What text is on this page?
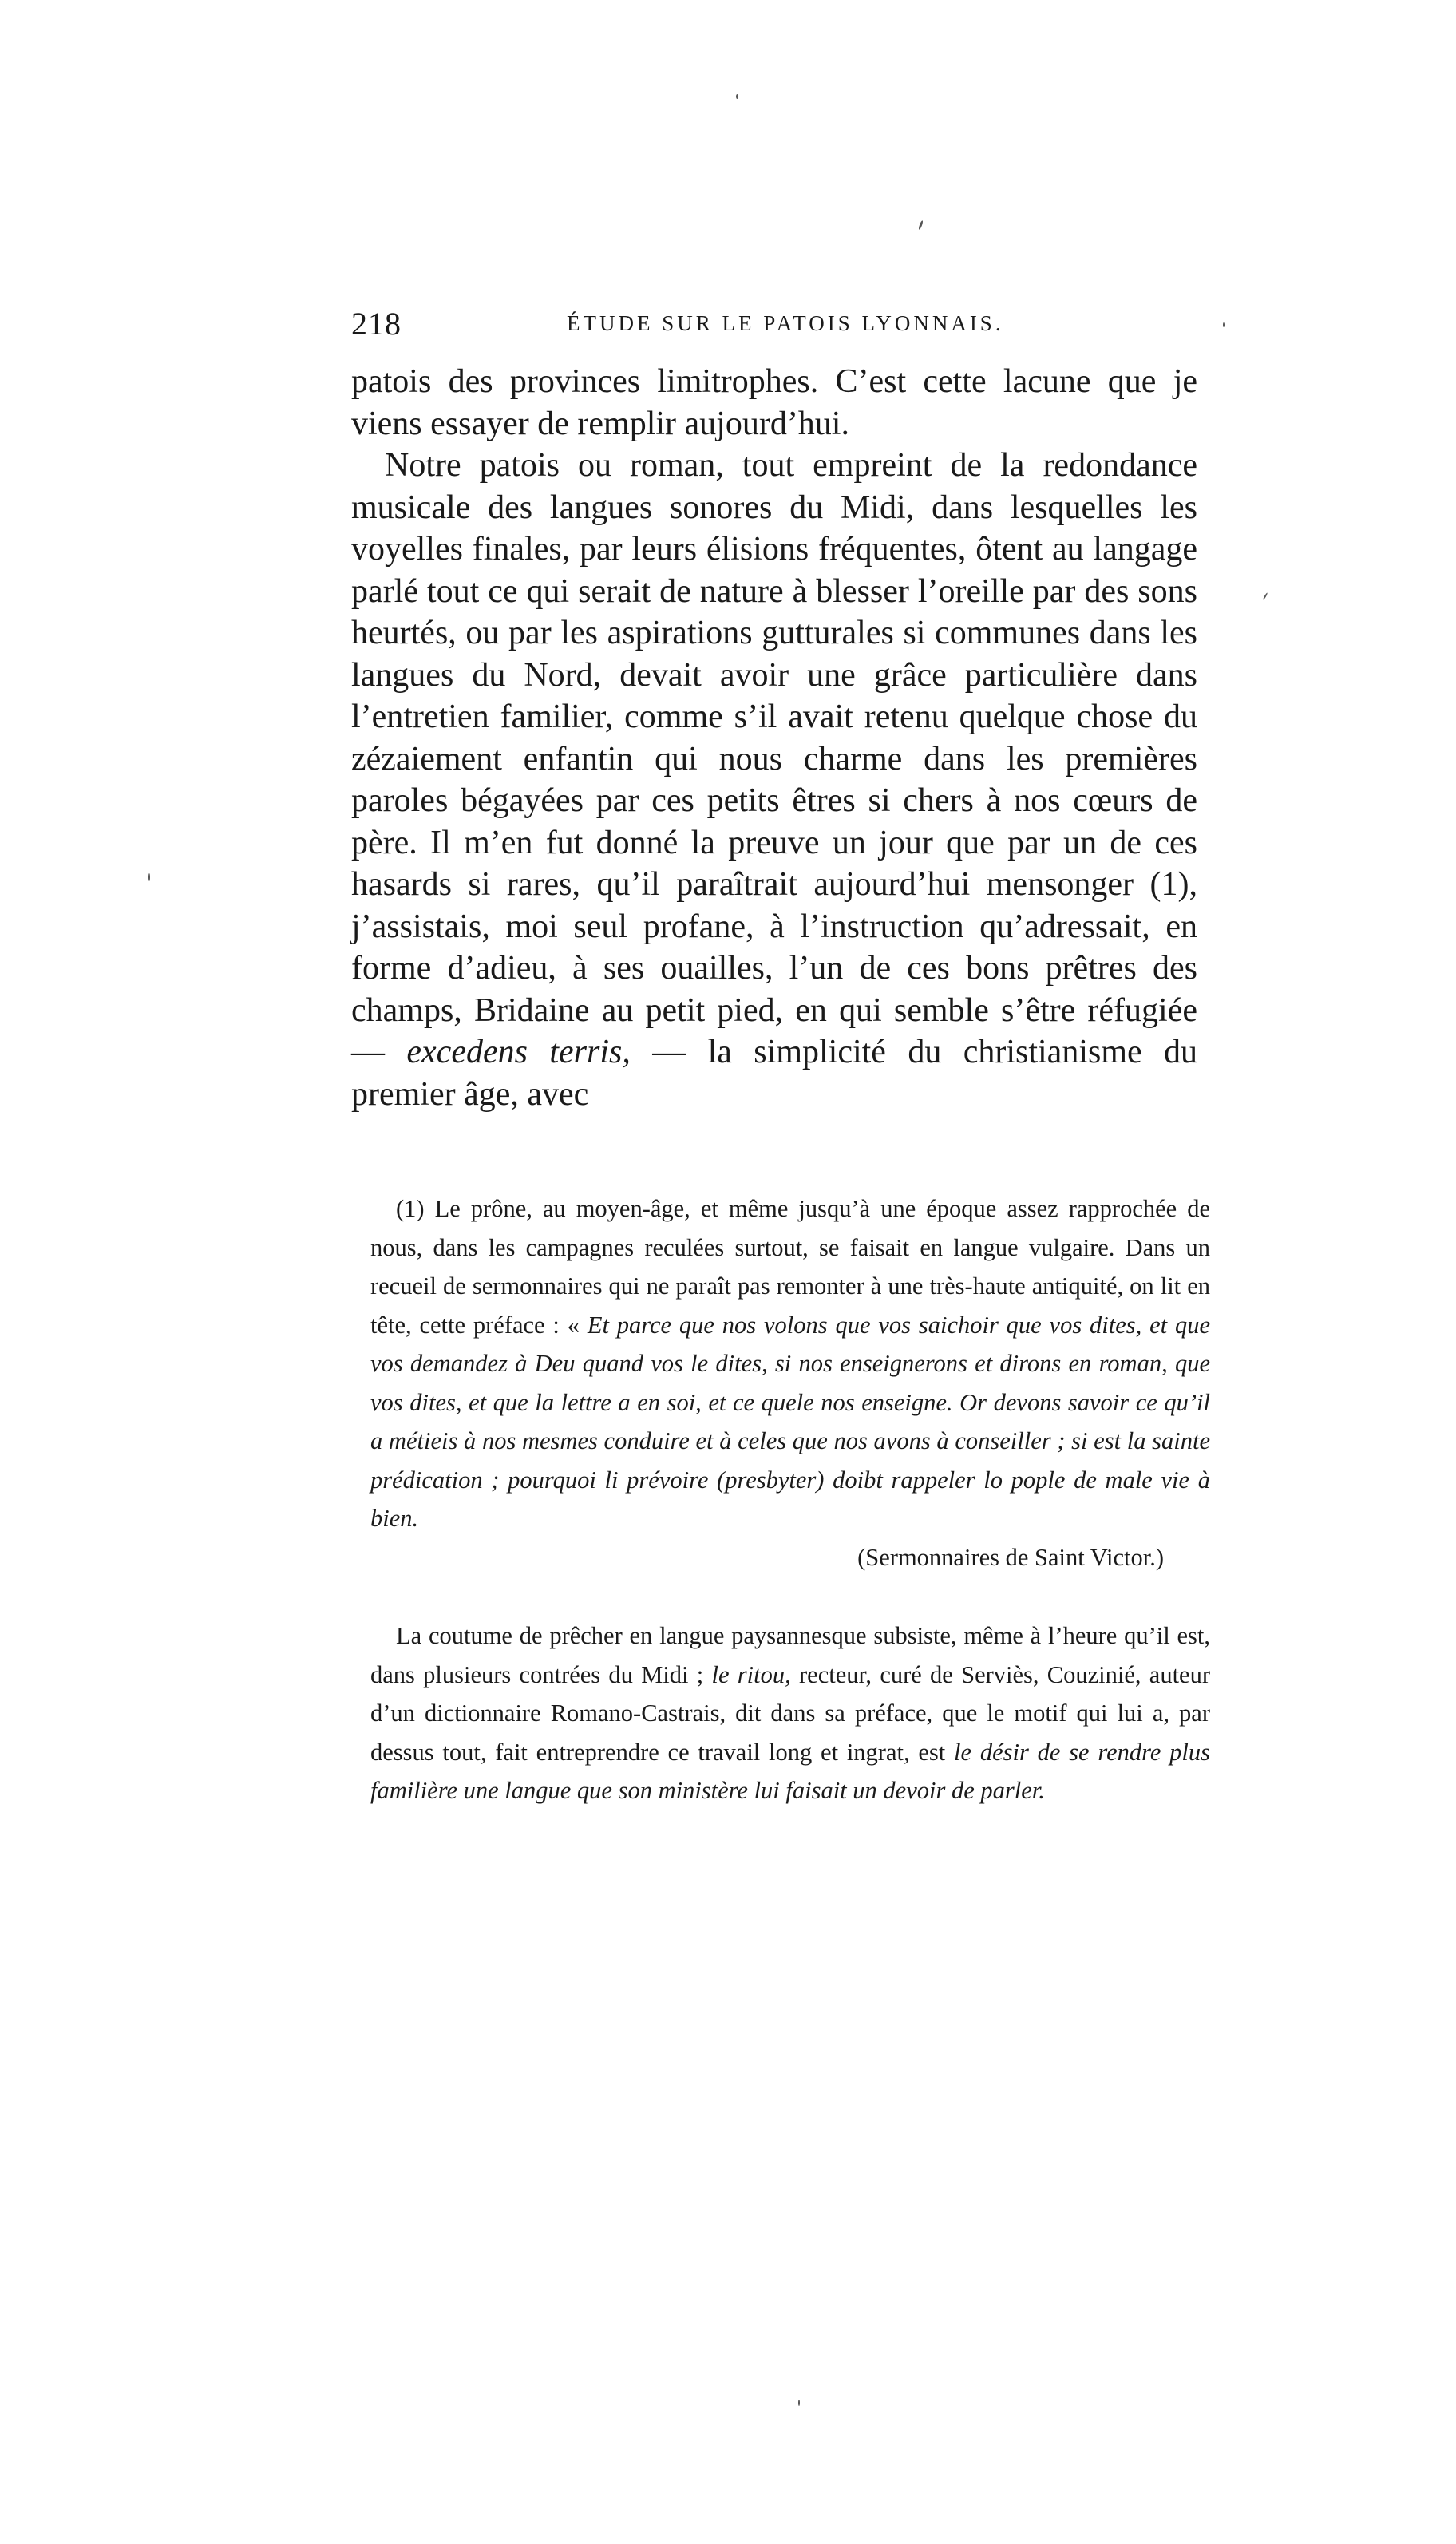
218	ÉTUDE SUR LE PATOIS LYONNAIS.

patois des provinces limitrophes. C’est cette lacune que je viens essayer de remplir aujourd’hui.

Notre patois ou roman, tout empreint de la redondance musicale des langues sonores du Midi, dans lesquelles les voyelles finales, par leurs élisions fréquentes, ôtent au langage parlé tout ce qui serait de nature à blesser l’oreille par des sons heurtés, ou par les aspirations gutturales si communes dans les langues du Nord, devait avoir une grâce particulière dans l’entretien familier, comme s’il avait retenu quelque chose du zézaiement enfantin qui nous charme dans les premières paroles bégayées par ces petits êtres si chers à nos cœurs de père. Il m’en fut donné la preuve un jour que par un de ces hasards si rares, qu’il paraîtrait aujourd’hui mensonger (1), j’assistais, moi seul profane, à l’instruction qu’adressait, en forme d’adieu, à ses ouailles, l’un de ces bons prêtres des champs, Bridaine au petit pied, en qui semble s’être réfugiée — excedens terris, — la simplicité du christianisme du premier âge, avec

(1) Le prône, au moyen-âge, et même jusqu’à une époque assez rapprochée de nous, dans les campagnes reculées surtout, se faisait en langue vulgaire. Dans un recueil de sermonnaires qui ne paraît pas remonter à une très-haute antiquité, on lit en tête, cette préface : « Et parce que nos volons que vos saichoir que vos dites, et que vos demandez à Deu quand vos le dites, si nos enseignerons et dirons en roman, que vos dites, et que la lettre a en soi, et ce quele nos enseigne. Or devons savoir ce qu’il a métieis à nos mesmes conduire et à celes que nos avons à conseiller ; si est la sainte prédication ; pourquoi li prévoire (presbyter) doibt rappeler lo pople de male vie à bien.

(Sermonnaires de Saint Victor.)

La coutume de prêcher en langue paysannesque subsiste, même à l’heure qu’il est, dans plusieurs contrées du Midi ; le ritou, recteur, curé de Serviès, Couzinié, auteur d’un dictionnaire Romano-Castrais, dit dans sa préface, que le motif qui lui a, par dessus tout, fait entreprendre ce travail long et ingrat, est le désir de se rendre plus familière une langue que son ministère lui faisait un devoir de parler.
